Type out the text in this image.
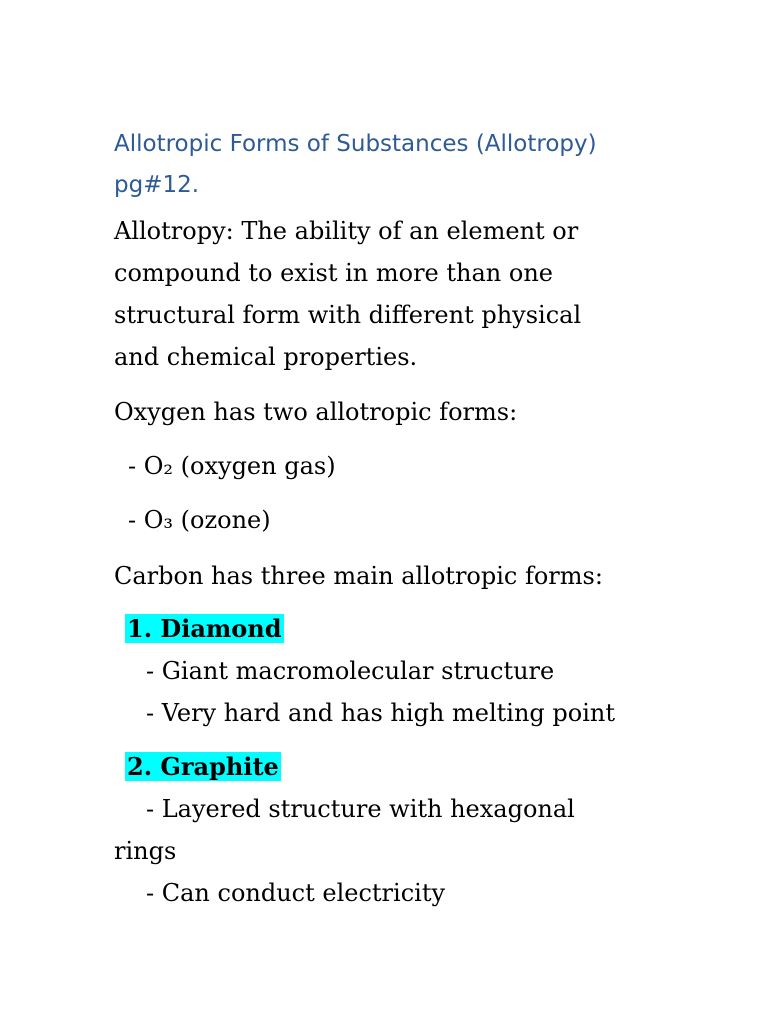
Allotropic Forms of Substances (Allotropy)
pg#12.

Allotropy: The ability of an element or
compound to exist in more than one
structural form with different physical
and chemical properties.

Oxygen has two allotropic forms:

- O₂ (oxygen gas)

- O₃ (ozone)

Carbon has three main allotropic forms:

1. Diamond

- Giant macromolecular structure

- Very hard and has high melting point

2. Graphite

- Layered structure with hexagonal

rings

- Can conduct electricity
